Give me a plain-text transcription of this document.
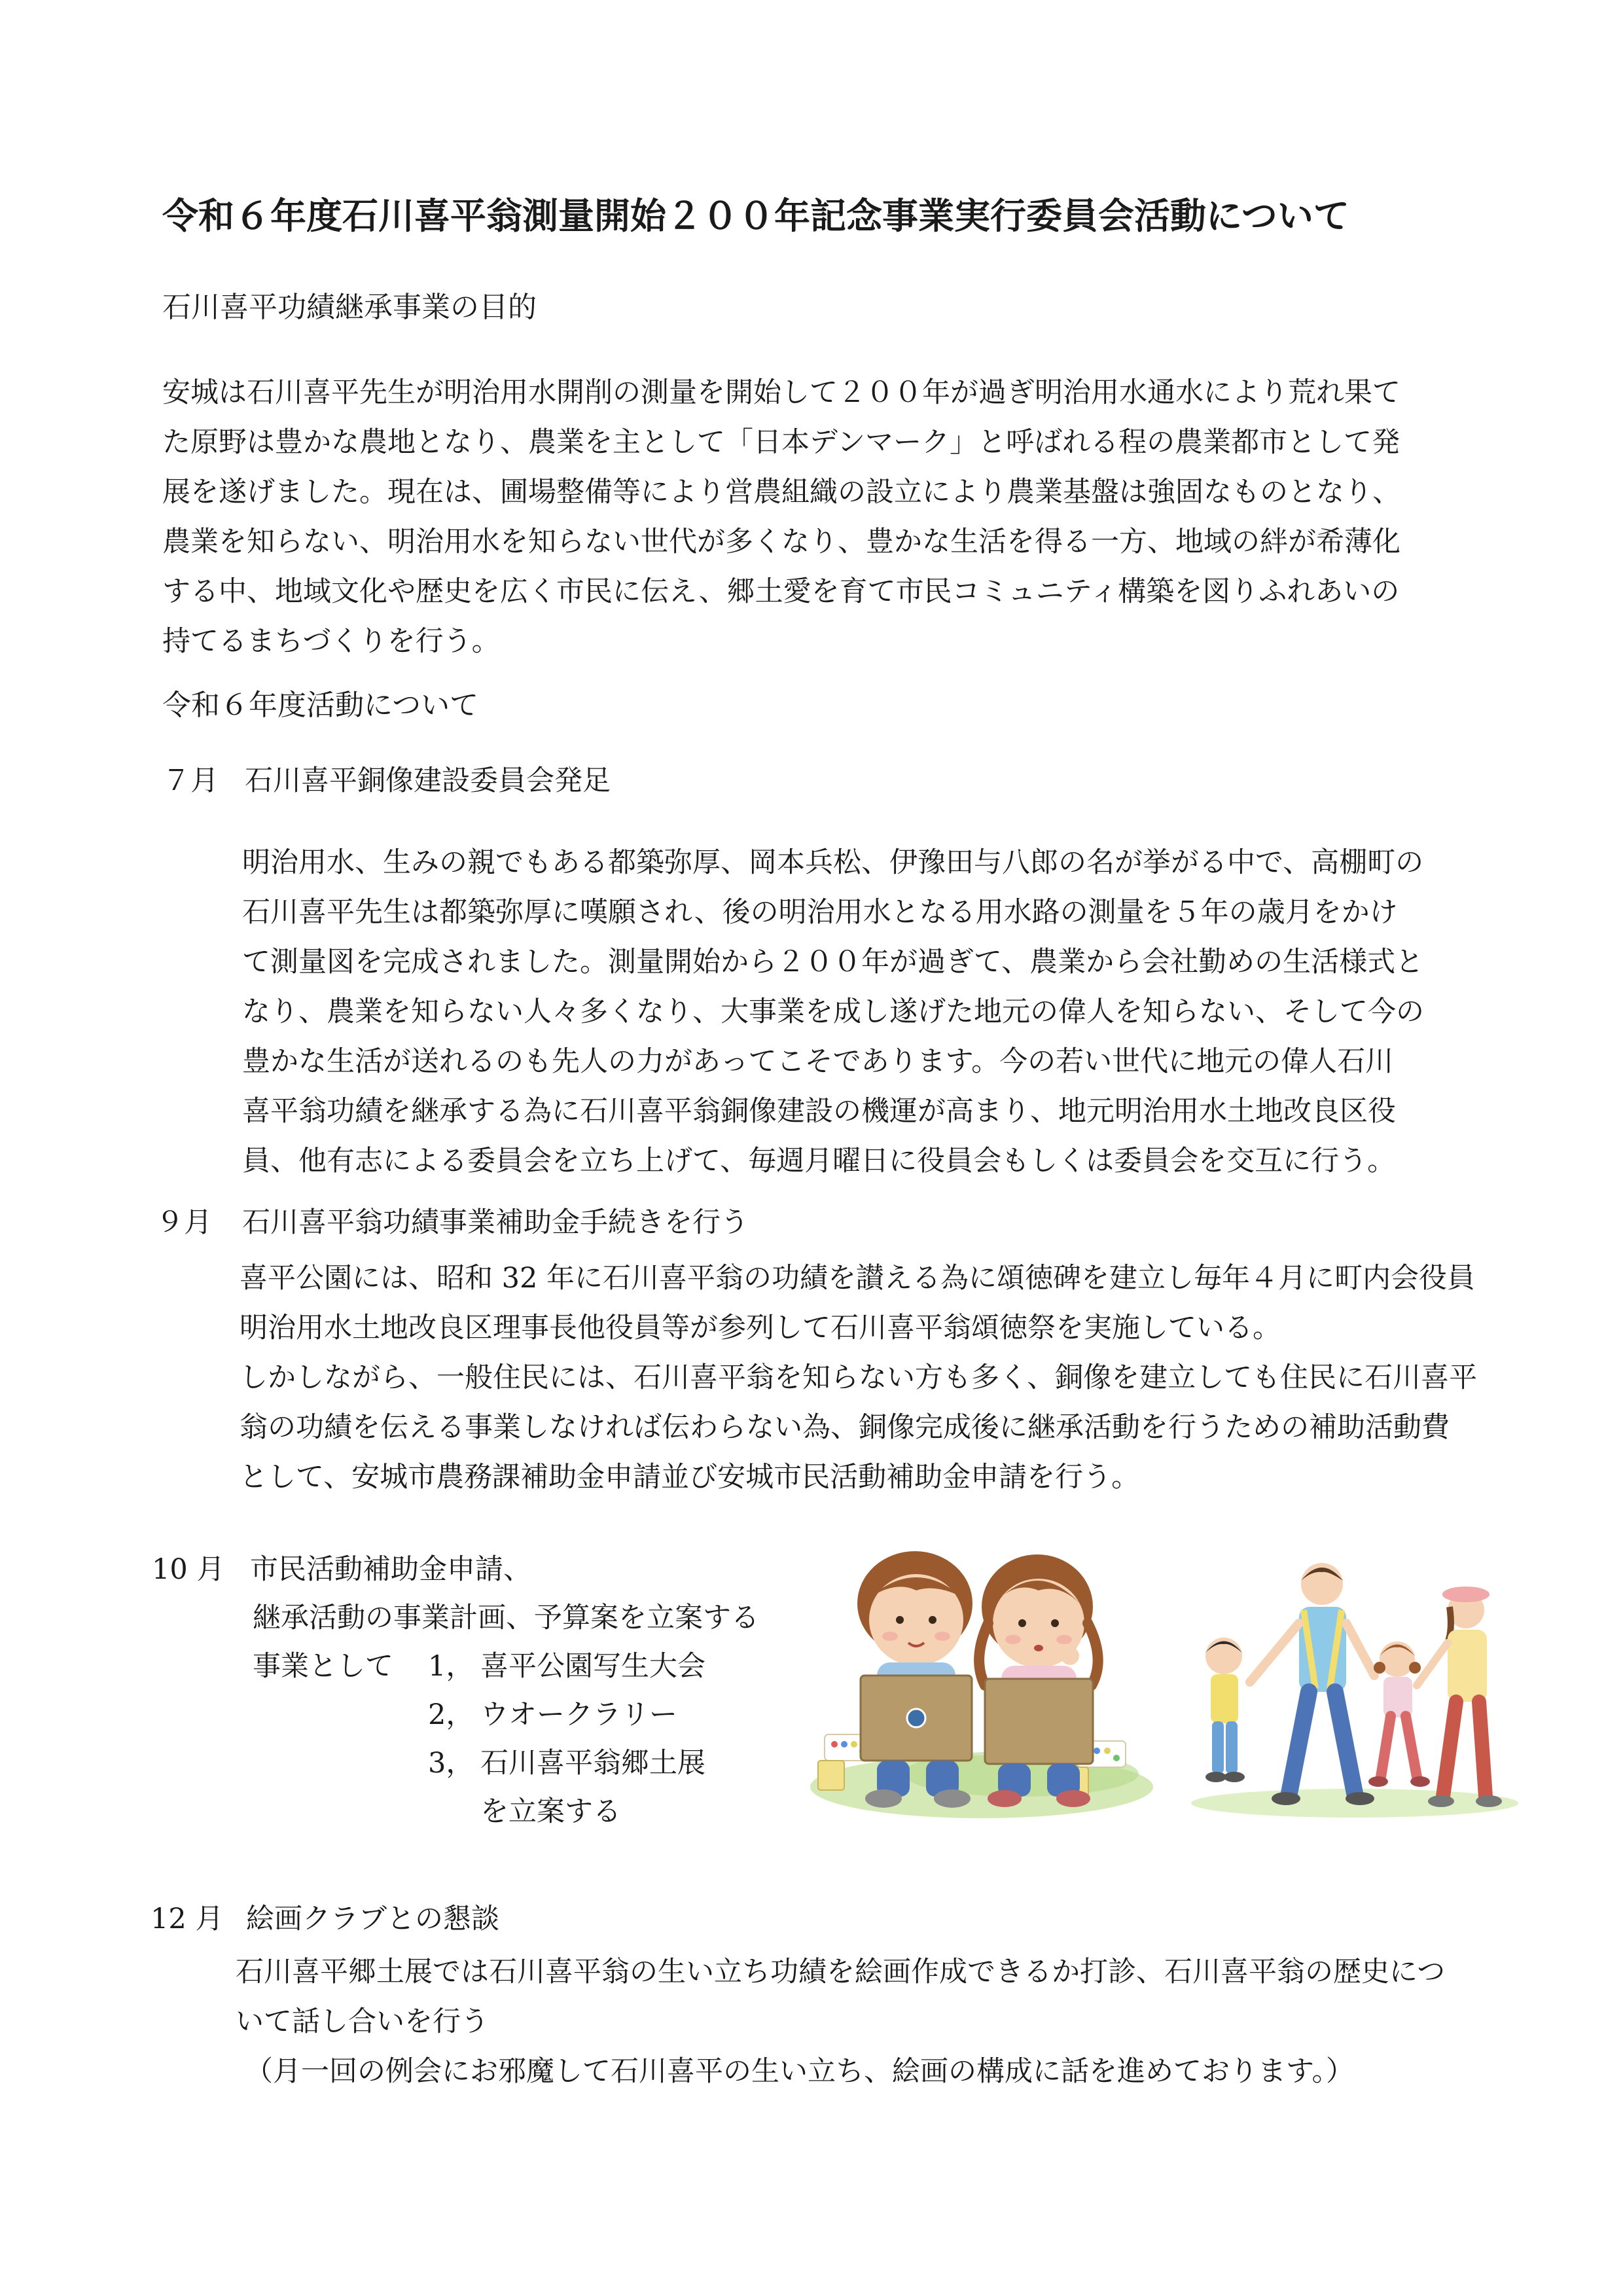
令和６年度石川喜平翁測量開始２００年記念事業実行委員会活動について
石川喜平功績継承事業の目的
安城は石川喜平先生が明治用水開削の測量を開始して２００年が過ぎ明治用水通水により荒れ果て
た原野は豊かな農地となり、農業を主として「日本デンマーク」と呼ばれる程の農業都市として発
展を遂げました。現在は、圃場整備等により営農組織の設立により農業基盤は強固なものとなり、
農業を知らない、明治用水を知らない世代が多くなり、豊かな生活を得る一方、地域の絆が希薄化
する中、地域文化や歴史を広く市民に伝え、郷土愛を育て市民コミュニティ構築を図りふれあいの
持てるまちづくりを行う。
令和６年度活動について
７月 石川喜平銅像建設委員会発足
明治用水、生みの親でもある都築弥厚、岡本兵松、伊豫田与八郎の名が挙がる中で、高棚町の
石川喜平先生は都築弥厚に嘆願され、後の明治用水となる用水路の測量を５年の歳月をかけ
て測量図を完成されました。測量開始から２００年が過ぎて、農業から会社勤めの生活様式と
なり、農業を知らない人々多くなり、大事業を成し遂げた地元の偉人を知らない、そして今の
豊かな生活が送れるのも先人の力があってこそであります。今の若い世代に地元の偉人石川
喜平翁功績を継承する為に石川喜平翁銅像建設の機運が高まり、地元明治用水土地改良区役
員、他有志による委員会を立ち上げて、毎週月曜日に役員会もしくは委員会を交互に行う。
９月 石川喜平翁功績事業補助金手続きを行う
喜平公園には、昭和 32 年に石川喜平翁の功績を讃える為に頌徳碑を建立し毎年４月に町内会役員
明治用水土地改良区理事長他役員等が参列して石川喜平翁頌徳祭を実施している。
しかしながら、一般住民には、石川喜平翁を知らない方も多く、銅像を建立しても住民に石川喜平
翁の功績を伝える事業しなければ伝わらない為、銅像完成後に継承活動を行うための補助活動費
として、安城市農務課補助金申請並び安城市民活動補助金申請を行う。
10 月 市民活動補助金申請、
継承活動の事業計画、予算案を立案する
事業として 1， 喜平公園写生大会
2， ウオークラリー
3， 石川喜平翁郷土展
を立案する
12 月 絵画クラブとの懇談
石川喜平郷土展では石川喜平翁の生い立ち功績を絵画作成できるか打診、石川喜平翁の歴史につ
いて話し合いを行う
（月一回の例会にお邪魔して石川喜平の生い立ち、絵画の構成に話を進めております。）
